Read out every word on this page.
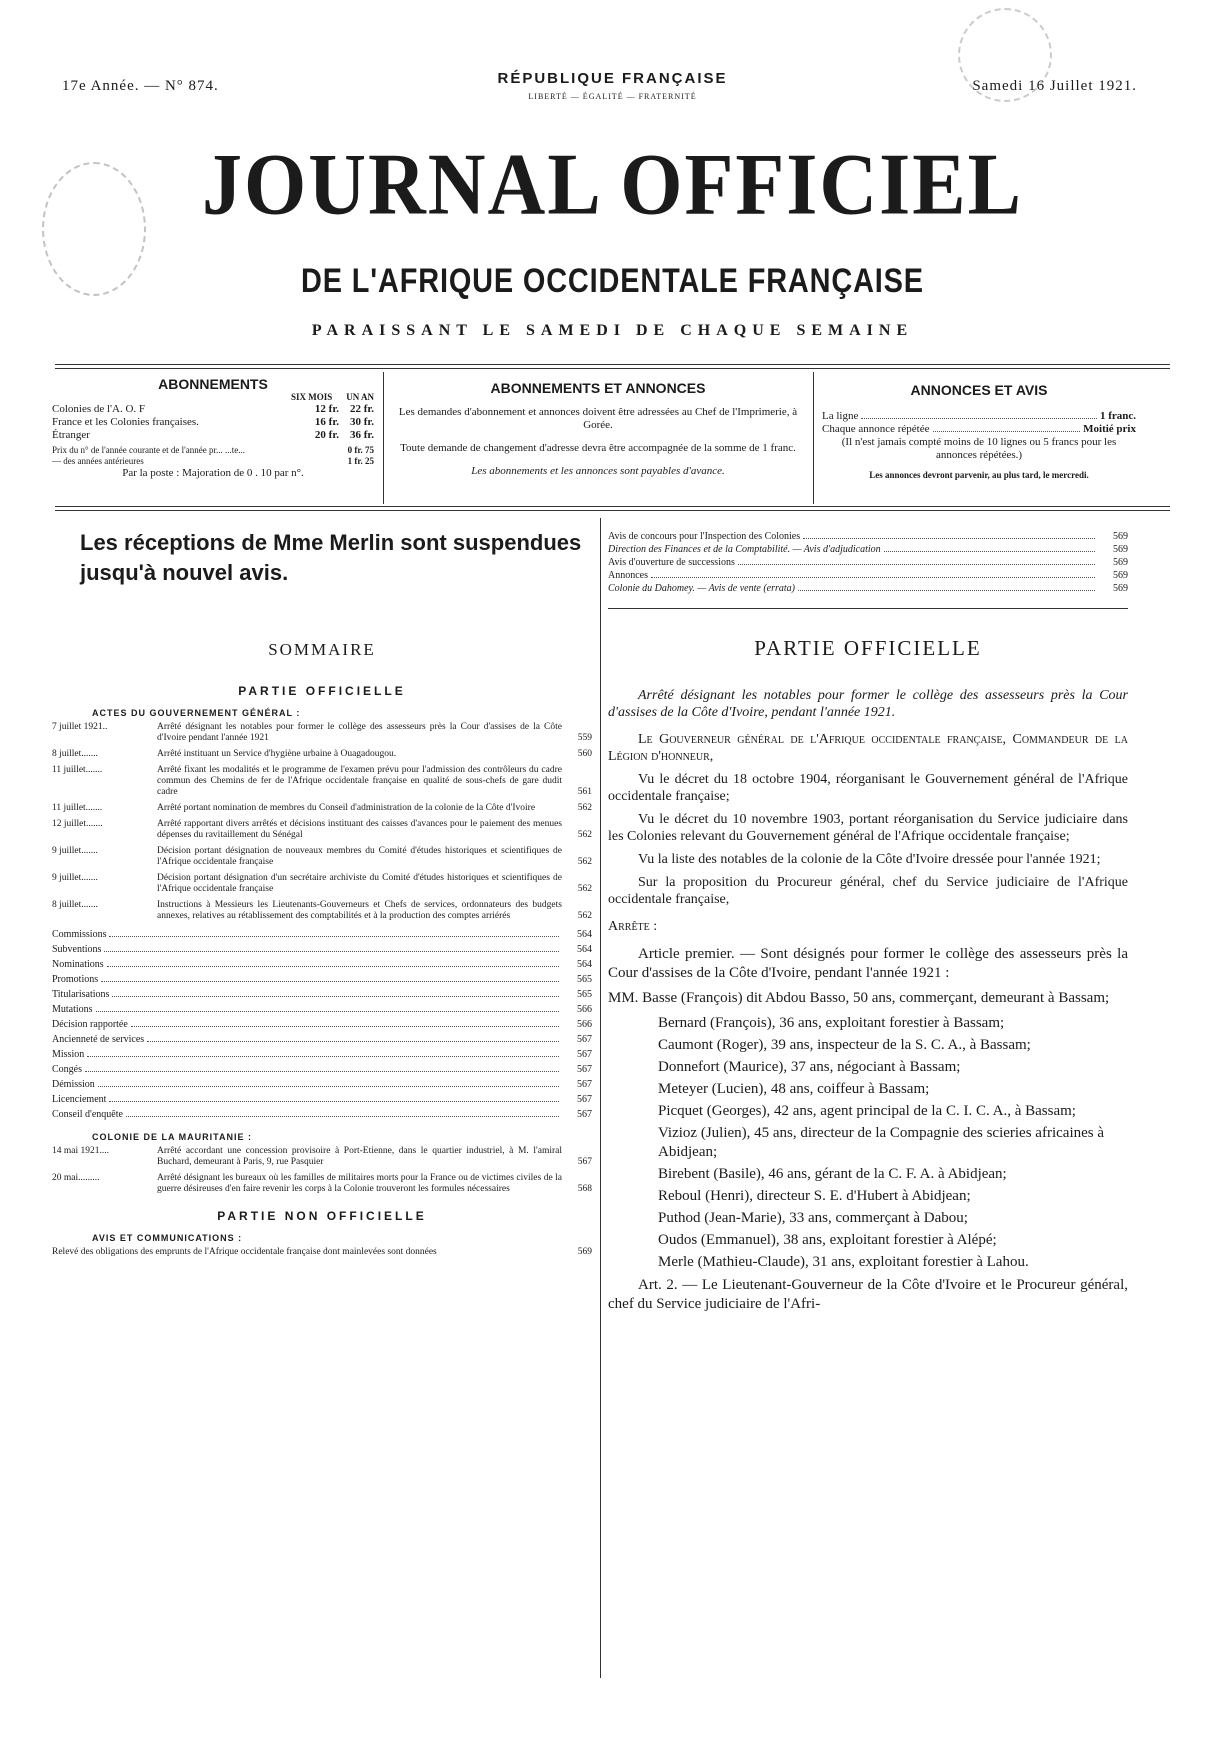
17e Année. — N° 874.	RÉPUBLIQUE FRANÇAISE
LIBERTÉ — ÉGALITÉ — FRATERNITÉ
Samedi 16 Juillet 1921.
JOURNAL OFFICIEL
DE L'AFRIQUE OCCIDENTALE FRANÇAISE
PARAISSANT LE SAMEDI DE CHAQUE SEMAINE
ABONNEMENTS
SIX MOIS UN AN
Colonies de l'A. O. F	12 fr. 22 fr.
France et les Colonies françaises.	16 fr. 30 fr.
Étranger	20 fr. 36 fr.
Prix du n° de l'année courante et de l'année pr... ...te...	0 fr. 75
— des années antérieures	1 fr. 25
Par la poste : Majoration de 0 . 10 par n°.
ABONNEMENTS ET ANNONCES
Les demandes d'abonnement et annonces doivent être adressées au Chef de l'Imprimerie, à Gorée.
Toute demande de changement d'adresse devra être accompagnée de la somme de 1 franc.
Les abonnements et les annonces sont payables d'avance.
ANNONCES ET AVIS
La ligne	1 franc.
Chaque annonce répétée	Moitié prix
(Il n'est jamais compté moins de 10 lignes ou 5 francs pour les annonces répétées.)
Les annonces devront parvenir, au plus tard, le mercredi.
Les réceptions de Mme Merlin sont suspendues jusqu'à nouvel avis.
Avis de concours pour l'Inspection des Colonies	569
Direction des Finances et de la Comptabilité. — Avis d'adjudication	569
Avis d'ouverture de successions	569
Annonces	569
Colonie du Dahomey. — Avis de vente (errata)	569
SOMMAIRE
PARTIE OFFICIELLE
ACTES DU GOUVERNEMENT GÉNÉRAL :
7 juillet 1921..	Arrêté désignant les notables pour former le collège des assesseurs près la Cour d'assises de la Côte d'Ivoire pendant l'année 1921	559
8 juillet.......	Arrêté instituant un Service d'hygiène urbaine à Ouagadougou.	560
11 juillet.......	Arrêté fixant les modalités et le programme de l'examen prévu pour l'admission des contrôleurs du cadre commun des Chemins de fer de l'Afrique occidentale française en qualité de sous-chefs de gare dudit cadre	561
11 juillet.......	Arrêté portant nomination de membres du Conseil d'administration de la colonie de la Côte d'Ivoire	562
12 juillet.......	Arrêté rapportant divers arrêtés et décisions instituant des caisses d'avances pour le paiement des menues dépenses du ravitaillement du Sénégal	562
9 juillet.......	Décision portant désignation de nouveaux membres du Comité d'études historiques et scientifiques de l'Afrique occidentale française	562
9 juillet.......	Décision portant désignation d'un secrétaire archiviste du Comité d'études historiques et scientifiques de l'Afrique occidentale française	562
8 juillet.......	Instructions à Messieurs les Lieutenants-Gouverneurs et Chefs de services, ordonnateurs des budgets annexes, relatives au rétablissement des comptabilités et à la production des comptes arriérés	562
Commissions	564
Subventions	564
Nominations	564
Promotions	565
Titularisations	565
Mutations	566
Décision rapportée	566
Ancienneté de services	567
Mission	567
Congés	567
Démission	567
Licenciement	567
Conseil d'enquête	567
COLONIE DE LA MAURITANIE :
14 mai 1921....	Arrêté accordant une concession provisoire à Port-Etienne, dans le quartier industriel, à M. l'amiral Buchard, demeurant à Paris, 9, rue Pasquier	567
20 mai.........	Arrêté désignant les bureaux où les familles de militaires morts pour la France ou de victimes civiles de la guerre désireuses d'en faire revenir les corps à la Colonie trouveront les formules nécessaires	568
PARTIE NON OFFICIELLE
AVIS ET COMMUNICATIONS :
Relevé des obligations des emprunts de l'Afrique occidentale française dont mainlevées sont données	569
PARTIE OFFICIELLE

Arrêté désignant les notables pour former le collège des assesseurs près la Cour d'assises de la Côte d'Ivoire, pendant l'année 1921.

Le Gouverneur général de l'Afrique occidentale française, Commandeur de la Légion d'honneur,

Vu le décret du 18 octobre 1904, réorganisant le Gouvernement général de l'Afrique occidentale française;

Vu le décret du 10 novembre 1903, portant réorganisation du Service judiciaire dans les Colonies relevant du Gouvernement général de l'Afrique occidentale française;

Vu la liste des notables de la colonie de la Côte d'Ivoire dressée pour l'année 1921;

Sur la proposition du Procureur général, chef du Service judiciaire de l'Afrique occidentale française,

Arrête :

Article premier. — Sont désignés pour former le collège des assesseurs près la Cour d'assises de la Côte d'Ivoire, pendant l'année 1921 :

MM. Basse (François) dit Abdou Basso, 50 ans, commerçant, demeurant à Bassam;

Bernard (François), 36 ans, exploitant forestier à Bassam;
Caumont (Roger), 39 ans, inspecteur de la S. C. A., à Bassam;
Donnefort (Maurice), 37 ans, négociant à Bassam;
Meteyer (Lucien), 48 ans, coiffeur à Bassam;
Picquet (Georges), 42 ans, agent principal de la C. I. C. A., à Bassam;
Vizioz (Julien), 45 ans, directeur de la Compagnie des scieries africaines à Abidjean;
Birebent (Basile), 46 ans, gérant de la C. F. A. à Abidjean;
Reboul (Henri), directeur S. E. d'Hubert à Abidjean;
Puthod (Jean-Marie), 33 ans, commerçant à Dabou;
Oudos (Emmanuel), 38 ans, exploitant forestier à Alépé;
Merle (Mathieu-Claude), 31 ans, exploitant forestier à Lahou.

Art. 2. — Le Lieutenant-Gouverneur de la Côte d'Ivoire et le Procureur général, chef du Service judiciaire de l'Afri-
